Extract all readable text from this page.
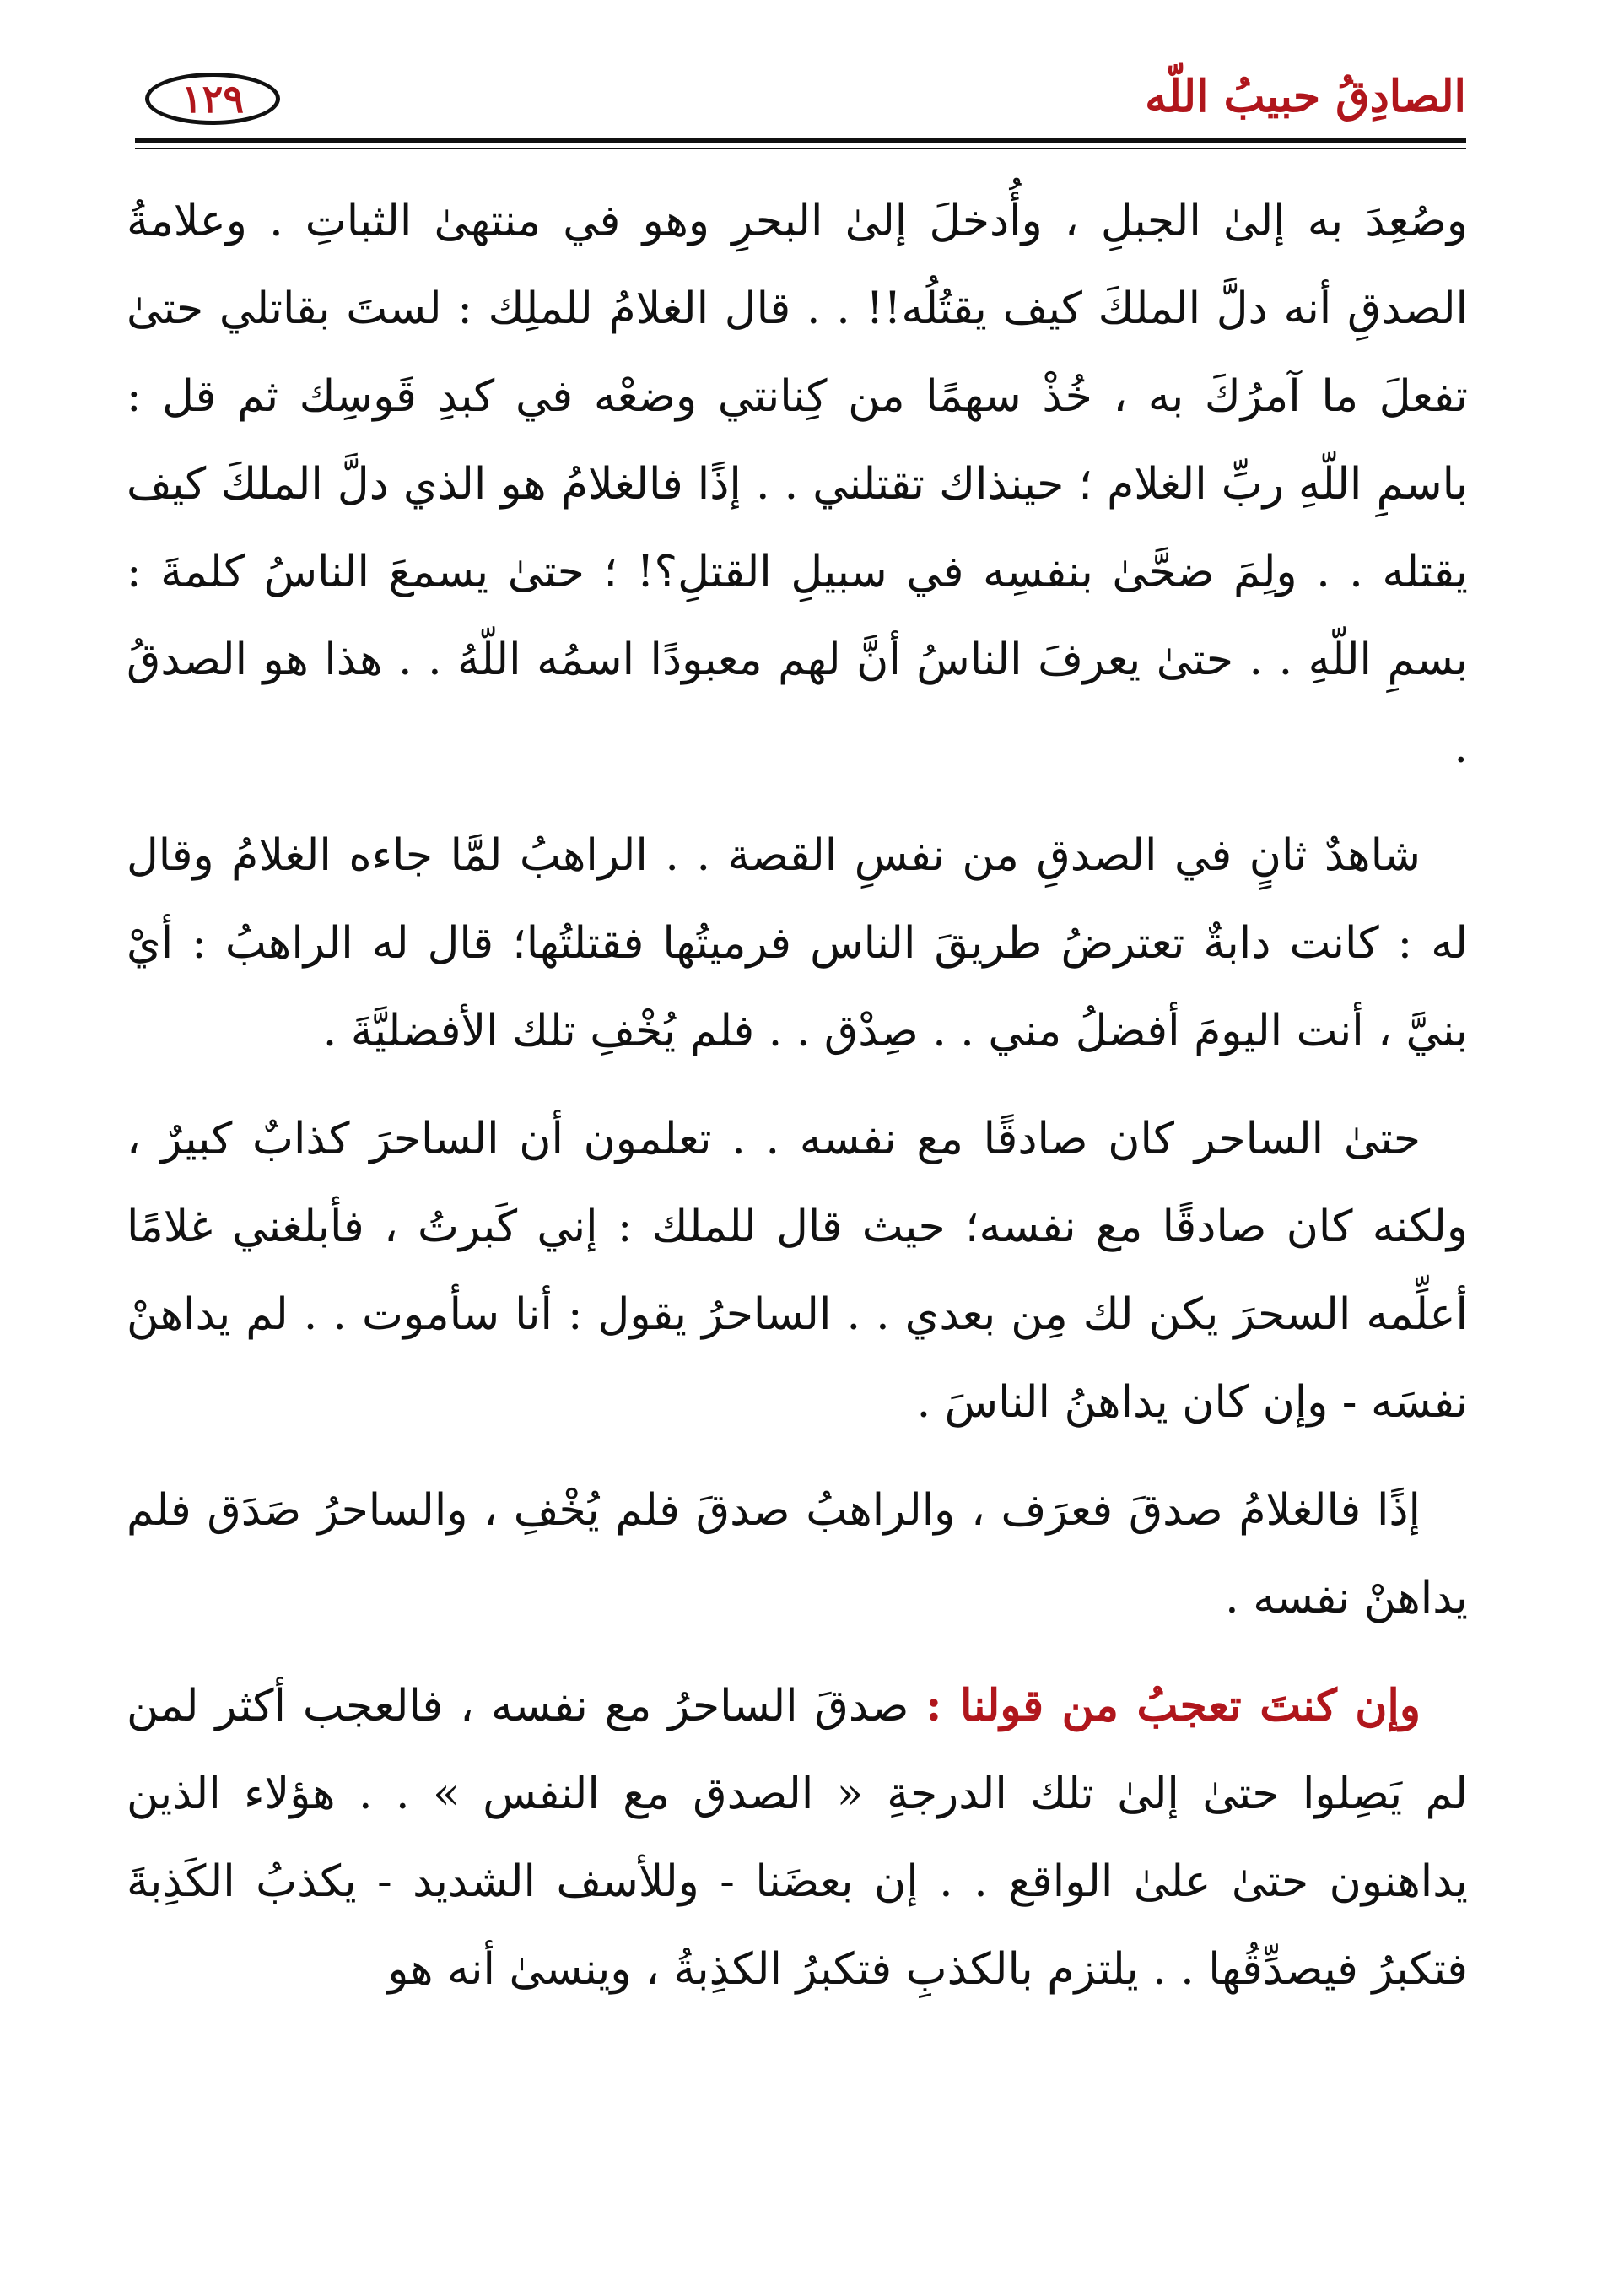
الصادِقُ حبيبُ اللّه
١٢٩

وصُعِدَ به إلىٰ الجبلِ ، وأُدخلَ إلىٰ البحرِ وهو في منتهىٰ الثباتِ . وعلامةُ الصدقِ أنه دلَّ الملكَ كيف يقتُلُه!! . . قال الغلامُ للملِك : لستَ بقاتلي حتىٰ تفعلَ ما آمرُكَ به ، خُذْ سهمًا من كِنانتي وضعْه في كبدِ قَوسِك ثم قل : باسمِ اللّهِ ربِّ الغلام ؛ حينذاك تقتلني . . إذًا فالغلامُ هو الذي دلَّ الملكَ كيف يقتله . . ولِمَ ضحَّىٰ بنفسِه في سبيلِ القتلِ؟! ؛ حتىٰ يسمعَ الناسُ كلمةَ : بسمِ اللّهِ . . حتىٰ يعرفَ الناسُ أنَّ لهم معبودًا اسمُه اللّهُ . . هذا هو الصدقُ .

شاهدٌ ثانٍ في الصدقِ من نفسِ القصة . . الراهبُ لمَّا جاءه الغلامُ وقال له : كانت دابةٌ تعترضُ طريقَ الناس فرميتُها فقتلتُها؛ قال له الراهبُ : أيْ بنيَّ ، أنت اليومَ أفضلُ مني . . صِدْق . . فلم يُخْفِ تلك الأفضليَّةَ .

حتىٰ الساحر كان صادقًا مع نفسه . . تعلمون أن الساحرَ كذابٌ كبيرٌ ، ولكنه كان صادقًا مع نفسه؛ حيث قال للملك : إني كَبرتُ ، فأبلغني غلامًا أعلِّمه السحرَ يكن لك مِن بعدي . . الساحرُ يقول : أنا سأموت . . لم يداهنْ نفسَه - وإن كان يداهنُ الناسَ .

إذًا فالغلامُ صدقَ فعرَف ، والراهبُ صدقَ فلم يُخْفِ ، والساحرُ صَدَق فلم يداهنْ نفسه .

وإن كنتَ تعجبُ من قولنا : صدقَ الساحرُ مع نفسه ، فالعجب أكثر لمن لم يَصِلوا حتىٰ إلىٰ تلك الدرجةِ « الصدق مع النفس » . . هؤلاء الذين يداهنون حتىٰ علىٰ الواقع . . إن بعضَنا - وللأسف الشديد - يكذبُ الكَذِبةَ فتكبرُ فيصدِّقُها . . يلتزم بالكذبِ فتكبرُ الكذِبةُ ، وينسىٰ أنه هو
